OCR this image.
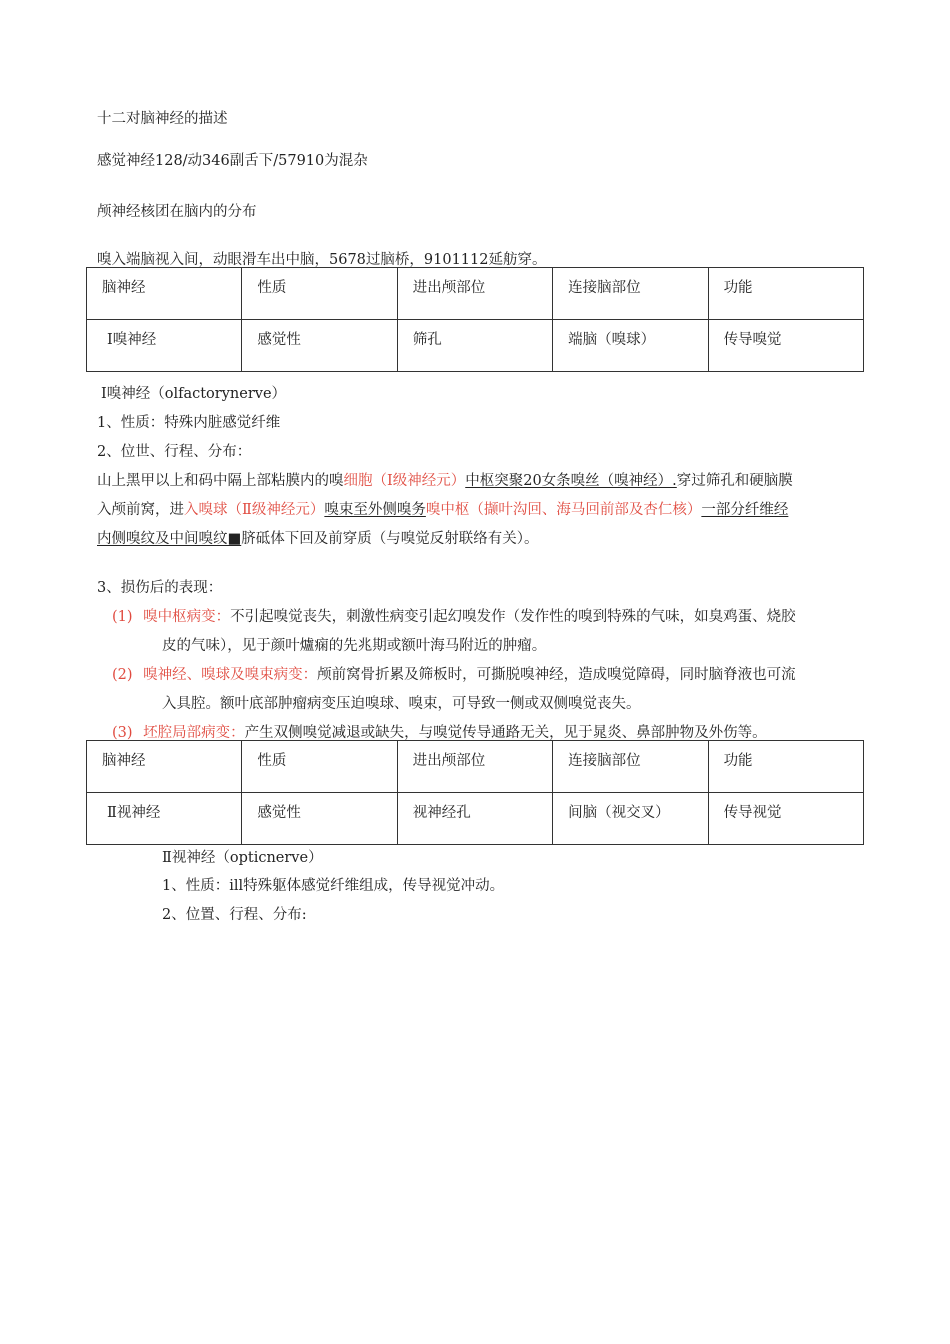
十二对脑神经的描述
感觉神经128/动346副舌下/57910为混杂
颅神经核团在脑内的分布
嗅入端脑视入间，动眼滑车出中脑，5678过脑桥，9101112延舫穿。
脑神经	性质	进出颅部位	连接脑部位	功能
Ⅰ嗅神经	感觉性	筛孔	端脑（嗅球）	传导嗅觉
Ⅰ嗅神经（olfactorynerve）
1、性质：特殊内脏感觉纤维
2、位世、行程、分布：
山上黑甲以上和码中隔上部粘膜内的嗅细胞（Ⅰ级神经元）中枢突聚20女条嗅丝（嗅神经）.穿过筛孔和硬脑膜
入颅前窝，进入嗅球（Ⅱ级神经元）嗅束至外侧嗅务嗅中枢（撷叶沟回、海马回前部及杏仁核）一部分纤维经
内侧嗅纹及中间嗅纹■脐砥体下回及前穿质（与嗅觉反射联络有关）。
3、损伤后的表现：
(1) 嗅中枢病变：不引起嗅觉丧失，刺激性病变引起幻嗅发作（发作性的嗅到特殊的气味，如臭鸡蛋、烧胶
皮的气味），见于颜叶爐痫的先兆期或额叶海马附近的肿瘤。
(2) 嗅神经、嗅球及嗅束病变：颅前窝骨折累及筛板时，可撕脱嗅神经，造成嗅觉障碍，同时脑脊液也可流
入具腔。额叶底部肿瘤病变压迫嗅球、嗅束，可导致一侧或双侧嗅觉丧失。
(3) 坯腔局部病变：产生双侧嗅觉减退或缺失，与嗅觉传导通路无关，见于晁炎、鼻部肿物及外伤等。
脑神经	性质	进出颅部位	连接脑部位	功能
Ⅱ视神经	感觉性	视神经孔	间脑（视交叉）	传导视觉
Ⅱ视神经（opticnerve）
1、性质：ill特殊躯体感觉纤维组成，传导视觉冲动。
2、位置、行程、分布:
